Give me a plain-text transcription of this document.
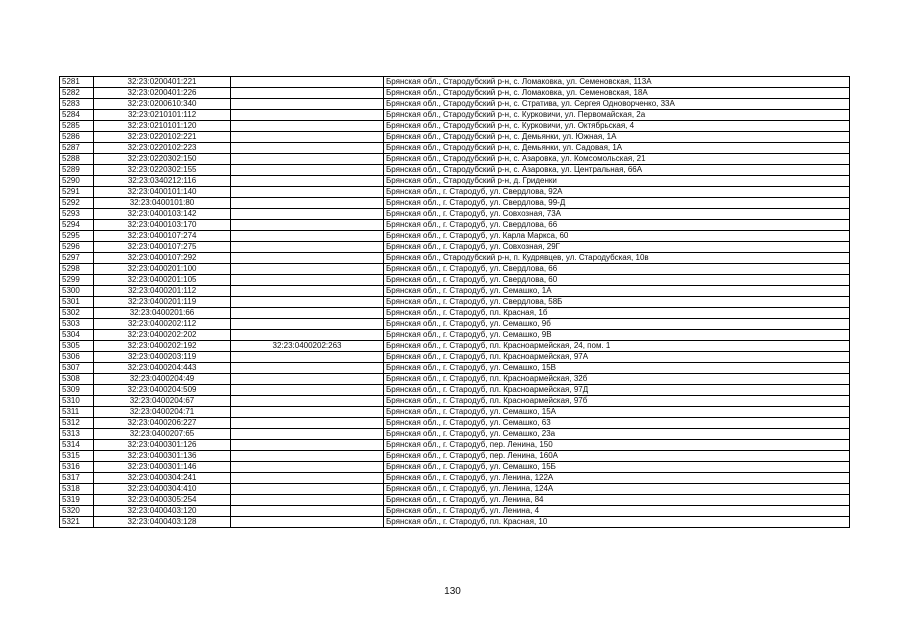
5281	32:23:0200401:221		Брянская обл., Стародубский р-н, с. Ломаковка, ул. Семеновская, 113А
5282	32:23:0200401:226		Брянская обл., Стародубский р-н, с. Ломаковка, ул. Семеновская, 18А
5283	32:23:0200610:340		Брянская обл., Стародубский р-н, с. Стратива, ул. Сергея Одноворченко, 33А
5284	32:23:0210101:112		Брянская обл., Стародубский р-н, с. Курковичи, ул. Первомайская, 2а
5285	32:23:0210101:120		Брянская обл., Стародубский р-н, с. Курковичи, ул. Октябрьская, 4
5286	32:23:0220102:221		Брянская обл., Стародубский р-н, с. Демьянки, ул. Южная, 1А
5287	32:23:0220102:223		Брянская обл., Стародубский р-н, с. Демьянки, ул. Садовая, 1А
5288	32:23:0220302:150		Брянская обл., Стародубский р-н, с. Азаровка, ул. Комсомольская, 21
5289	32:23:0220302:155		Брянская обл., Стародубский р-н, с. Азаровка, ул. Центральная, 66А
5290	32:23:0340212:116		Брянская обл., Стародубский р-н, д. Гриденки
5291	32:23:0400101:140		Брянская обл., г. Стародуб, ул. Свердлова, 92А
5292	32:23:0400101:80		Брянская обл., г. Стародуб, ул. Свердлова, 99-Д
5293	32:23:0400103:142		Брянская обл., г. Стародуб, ул. Совхозная, 73А
5294	32:23:0400103:170		Брянская обл., г. Стародуб, ул. Свердлова, 66
5295	32:23:0400107:274		Брянская обл., г. Стародуб, ул. Карла Маркса, 60
5296	32:23:0400107:275		Брянская обл., г. Стародуб, ул. Совхозная, 29Г
5297	32:23:0400107:292		Брянская обл., Стародубский р-н, п. Кудрявцев, ул. Стародубская, 10в
5298	32:23:0400201:100		Брянская обл., г. Стародуб, ул. Свердлова, 66
5299	32:23:0400201:105		Брянская обл., г. Стародуб, ул. Свердлова, 60
5300	32:23:0400201:112		Брянская обл., г. Стародуб, ул. Семашко, 1А
5301	32:23:0400201:119		Брянская обл., г. Стародуб, ул. Свердлова, 58Б
5302	32:23:0400201:66		Брянская обл., г. Стародуб, пл. Красная, 1б
5303	32:23:0400202:112		Брянская обл., г. Стародуб, ул. Семашко, 9б
5304	32:23:0400202:202		Брянская обл., г. Стародуб, ул. Семашко, 9В
5305	32:23:0400202:192	32:23:0400202:263	Брянская обл., г. Стародуб, пл. Красноармейская, 24, пом. 1
5306	32:23:0400203:119		Брянская обл., г. Стародуб, пл. Красноармейская, 97А
5307	32:23:0400204:443		Брянская обл., г. Стародуб, ул. Семашко, 15В
5308	32:23:0400204:49		Брянская обл., г. Стародуб, пл. Красноармейская, 32б
5309	32:23:0400204:509		Брянская обл., г. Стародуб, пл. Красноармейская, 97Д
5310	32:23:0400204:67		Брянская обл., г. Стародуб, пл. Красноармейская, 97б
5311	32:23:0400204:71		Брянская обл., г. Стародуб, ул. Семашко, 15А
5312	32:23:0400206:227		Брянская обл., г. Стародуб, ул. Семашко, 63
5313	32:23:0400207:65		Брянская обл., г. Стародуб, ул. Семашко, 23а
5314	32:23:0400301:126		Брянская обл., г. Стародуб, пер. Ленина, 150
5315	32:23:0400301:136		Брянская обл., г. Стародуб, пер. Ленина, 160А
5316	32:23:0400301:146		Брянская обл., г. Стародуб, ул. Семашко, 15Б
5317	32:23:0400304:241		Брянская обл., г. Стародуб, ул. Ленина, 122А
5318	32:23:0400304:410		Брянская обл., г. Стародуб, ул. Ленина, 124А
5319	32:23:0400305:254		Брянская обл., г. Стародуб, ул. Ленина, 84
5320	32:23:0400403:120		Брянская обл., г. Стародуб, ул. Ленина, 4
5321	32:23:0400403:128		Брянская обл., г. Стародуб, пл. Красная, 10
130
